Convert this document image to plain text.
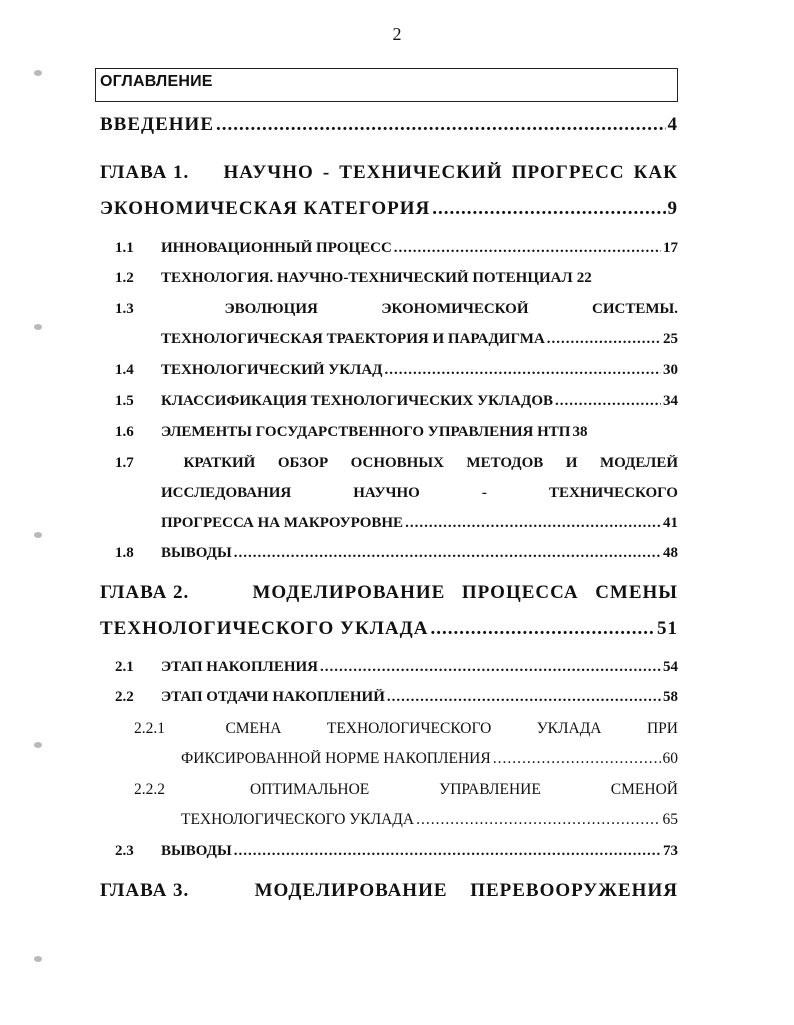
2
ОГЛАВЛЕНИЕ
ВВЕДЕНИЕ .....	4
ГЛАВА 1. НАУЧНО - ТЕХНИЧЕСКИЙ ПРОГРЕСС КАК
ЭКОНОМИЧЕСКАЯ КАТЕГОРИЯ .....	9
1.1	ИННОВАЦИОННЫЙ ПРОЦЕСС .....	17
1.2	ТЕХНОЛОГИЯ. НАУЧНО-ТЕХНИЧЕСКИЙ ПОТЕНЦИАЛ 22
1.3	ЭВОЛЮЦИЯ	ЭКОНОМИЧЕСКОЙ	СИСТЕМЫ.
ТЕХНОЛОГИЧЕСКАЯ ТРАЕКТОРИЯ И ПАРАДИГМА .....	25
1.4	ТЕХНОЛОГИЧЕСКИЙ УКЛАД .....	30
1.5	КЛАССИФИКАЦИЯ ТЕХНОЛОГИЧЕСКИХ УКЛАДОВ .....	34
1.6	ЭЛЕМЕНТЫ ГОСУДАРСТВЕННОГО УПРАВЛЕНИЯ НТП 38
1.7	КРАТКИЙ ОБЗОР ОСНОВНЫХ МЕТОДОВ И МОДЕЛЕЙ
ИССЛЕДОВАНИЯ	НАУЧНО	-	ТЕХНИЧЕСКОГО
ПРОГРЕССА НА МАКРОУРОВНЕ .....	41
1.8	ВЫВОДЫ .....	48
ГЛАВА 2.	МОДЕЛИРОВАНИЕ ПРОЦЕССА СМЕНЫ
ТЕХНОЛОГИЧЕСКОГО УКЛАДА .....	51
2.1	ЭТАП НАКОПЛЕНИЯ .....	54
2.2	ЭТАП ОТДАЧИ НАКОПЛЕНИЙ .....	58
2.2.1	СМЕНА	ТЕХНОЛОГИЧЕСКОГО	УКЛАДА	ПРИ
ФИКСИРОВАННОЙ НОРМЕ НАКОПЛЕНИЯ .....	60
2.2.2	ОПТИМАЛЬНОЕ	УПРАВЛЕНИЕ	СМЕНОЙ
ТЕХНОЛОГИЧЕСКОГО УКЛАДА .....	65
2.3	ВЫВОДЫ .....	73
ГЛАВА 3.	МОДЕЛИРОВАНИЕ ПЕРЕВООРУЖЕНИЯ
